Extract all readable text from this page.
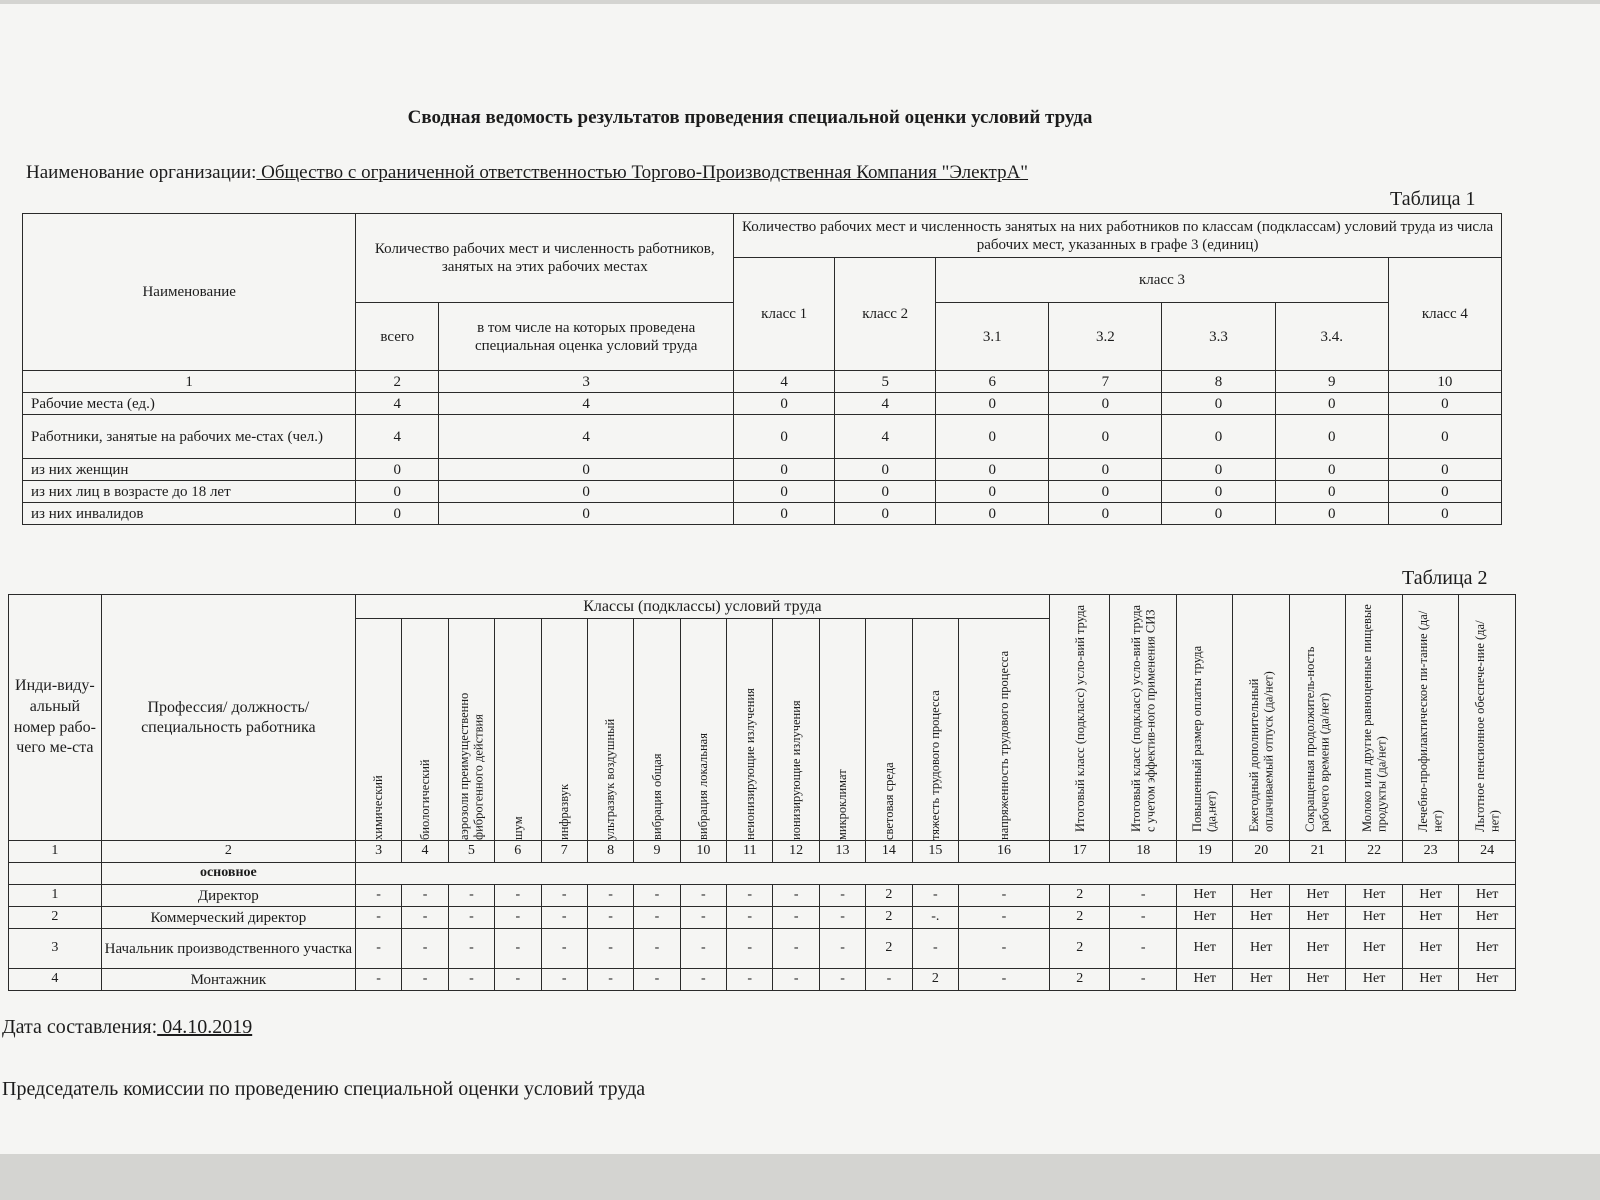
Сводная ведомость результатов проведения специальной оценки условий труда
Наименование организации: Общество с ограниченной ответственностью Торгово-Производственная Компания "ЭлектрА"
Таблица 1
Наименование	Количество рабочих мест и численность работников, занятых на этих рабочих местах		Количество рабочих мест и численность занятых на них работников по классам (подклассам) условий труда из числа рабочих мест, указанных в графе 3 (единиц)						
			класс 1	класс 2	класс 3				класс 4
	всего	в том числе на которых проведена специальная оценка условий труда			3.1	3.2	3.3	3.4.	
1	2	3	4	5	6	7	8	9	10
Рабочие места (ед.)	4	4	0	4	0	0	0	0	0
Работники, занятые на рабочих ме-стах (чел.)	4	4	0	4	0	0	0	0	0
из них женщин	0	0	0	0	0	0	0	0	0
из них лиц в возрасте до 18 лет	0	0	0	0	0	0	0	0	0
из них инвалидов	0	0	0	0	0	0	0	0	0
Таблица 2
Инди-виду-альный номер рабо-чего ме-ста	Профессия/ должность/ специальность работника	Классы (подклассы) условий труда														Итоговый класс (подкласс) усло-вий труда	Итоговый класс (подкласс) усло-вий труда с учетом эффектив-ного применения СИЗ	Повышенный размер оплаты труда (да,нет)	Ежегодный дополнительный оплачиваемый отпуск (да/нет)	Сокращенная продолжитель-ность рабочего времени (да/нет)	Молоко или другие равноценные пищевые продукты (да/нет)	Лечебно-профилактическое пи-тание (да/нет)	Льготное пенсионное обеспече-ние (да/нет)

		химический	биологический	аэрозоли преимущественно фиброгенного действия	шум	инфразвук	ультразвук воздушный	вибрация общая	вибрация локальная	неионизирующие излучения	ионизирующие излучения	микроклимат	световая среда	тяжесть трудового процесса	напряженность трудового процесса								

1	2	3	4	5	6	7	8	9	10	11	12	13	14	15	16	17	18	19	20	21	22	23	24
	основное																						
1	Директор	-	-	-	-	-	-	-	-	-	-	-	2	-	-	2	-	Нет	Нет	Нет	Нет	Нет	Нет
2	Коммерческий директор	-	-	-	-	-	-	-	-	-	-	-	2	-.	-	2	-	Нет	Нет	Нет	Нет	Нет	Нет
3	Начальник производственного участка	-	-	-	-	-	-	-	-	-	-	-	2	-	-	2	-	Нет	Нет	Нет	Нет	Нет	Нет
4	Монтажник	-	-	-	-	-	-	-	-	-	-	-	-	2	-	2	-	Нет	Нет	Нет	Нет	Нет	Нет
Дата составления: 04.10.2019
Председатель комиссии по проведению специальной оценки условий труда
